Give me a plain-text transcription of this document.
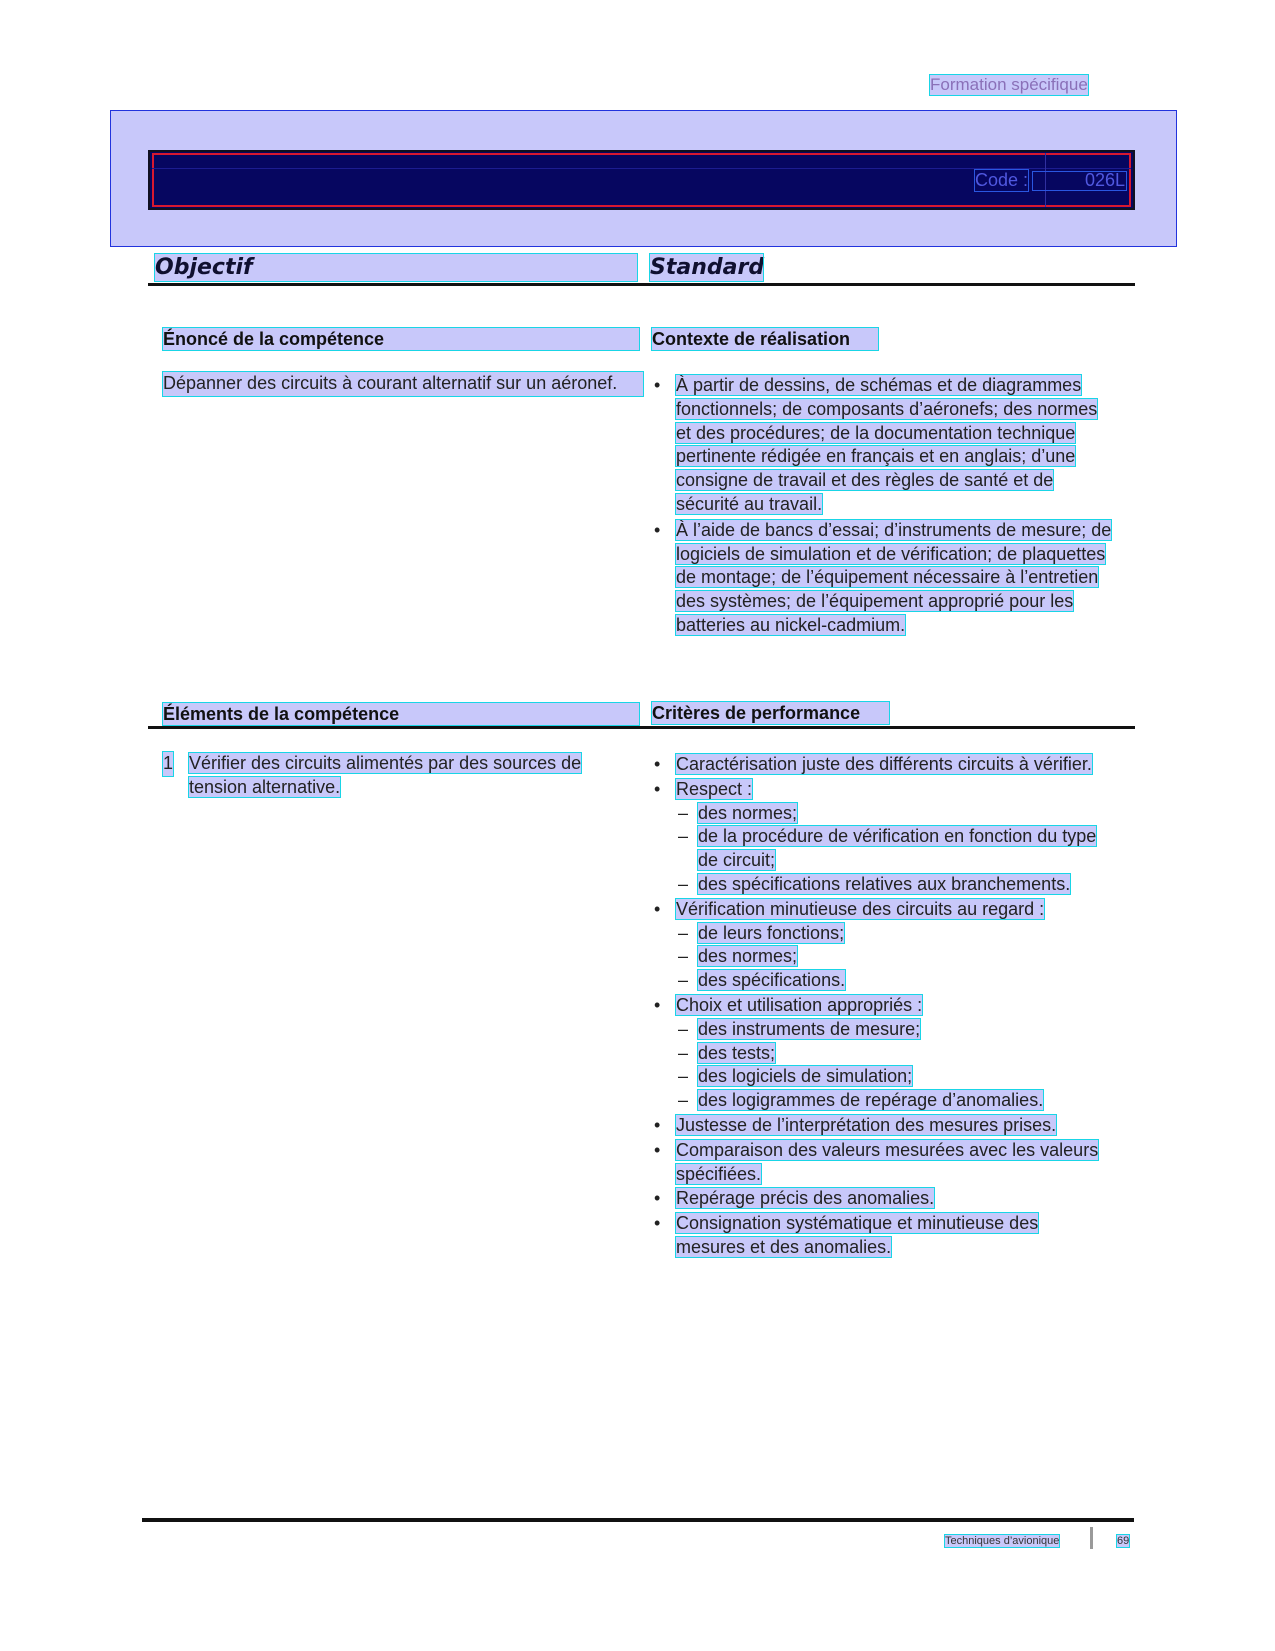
Formation spécifique
Code :	026L
Objectif	Standard
Énoncé de la compétence	Contexte de réalisation
Dépanner des circuits à courant alternatif sur un aéronef.
•	À partir de dessins, de schémas et de diagrammes fonctionnels; de composants d’aéronefs; des normes et des procédures; de la documentation technique pertinente rédigée en français et en anglais; d’une consigne de travail et des règles de santé et de sécurité au travail.
• À l’aide de bancs d’essai; d’instruments de mesure; de logiciels de simulation et de vérification; de plaquettes de montage; de l’équipement nécessaire à l’entretien des systèmes; de l’équipement approprié pour les batteries au nickel-cadmium.
Éléments de la compétence	Critères de performance
1 Vérifier des circuits alimentés par des sources de tension alternative.
• Caractérisation juste des différents circuits à vérifier.
• Respect :
– des normes;
– de la procédure de vérification en fonction du type de circuit;
– des spécifications relatives aux branchements.
• Vérification minutieuse des circuits au regard :
– de leurs fonctions;
– des normes;
– des spécifications.
• Choix et utilisation appropriés :
– des instruments de mesure;
– des tests;
– des logiciels de simulation;
– des logigrammes de repérage d’anomalies.
• Justesse de l’interprétation des mesures prises.
• Comparaison des valeurs mesurées avec les valeurs spécifiées.
• Repérage précis des anomalies.
• Consignation systématique et minutieuse des mesures et des anomalies.
Techniques d’avionique	69
